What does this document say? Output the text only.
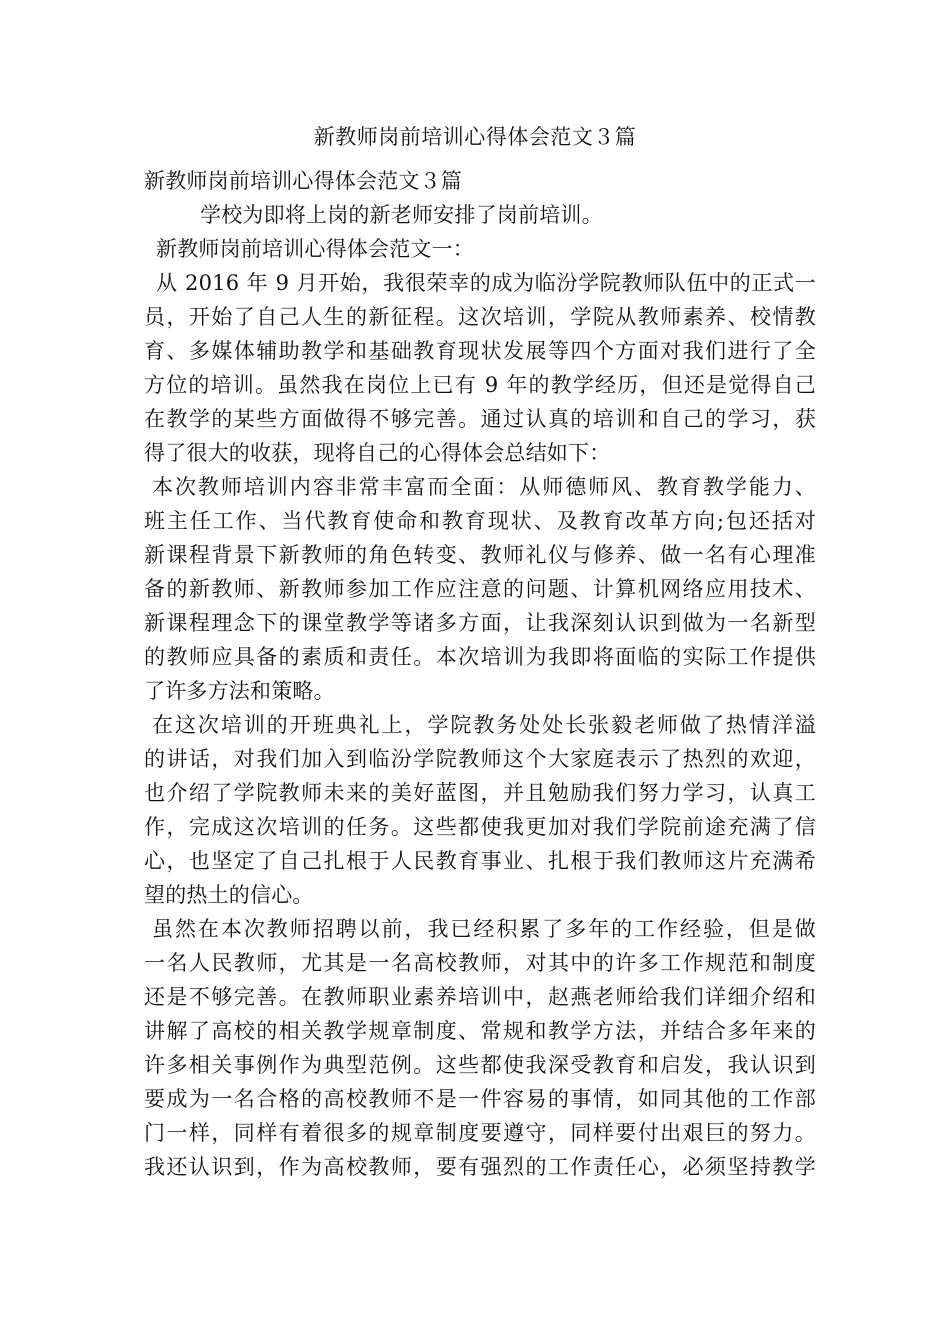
新教师岗前培训心得体会范文３篇
新教师岗前培训心得体会范文３篇
学校为即将上岗的新老师安排了岗前培训。
新教师岗前培训心得体会范文一：
从 2016 年 9 月开始，我很荣幸的成为临汾学院教师队伍中的正式一
员，开始了自己人生的新征程。这次培训，学院从教师素养、校情教
育、多媒体辅助教学和基础教育现状发展等四个方面对我们进行了全
方位的培训。虽然我在岗位上已有 9 年的教学经历，但还是觉得自己
在教学的某些方面做得不够完善。通过认真的培训和自己的学习，获
得了很大的收获，现将自己的心得体会总结如下：
本次教师培训内容非常丰富而全面：从师德师风、教育教学能力、
班主任工作、当代教育使命和教育现状、及教育改革方向;包还括对
新课程背景下新教师的角色转变、教师礼仪与修养、做一名有心理准
备的新教师、新教师参加工作应注意的问题、计算机网络应用技术、
新课程理念下的课堂教学等诸多方面，让我深刻认识到做为一名新型
的教师应具备的素质和责任。本次培训为我即将面临的实际工作提供
了许多方法和策略。
在这次培训的开班典礼上，学院教务处处长张毅老师做了热情洋溢
的讲话，对我们加入到临汾学院教师这个大家庭表示了热烈的欢迎，
也介绍了学院教师未来的美好蓝图，并且勉励我们努力学习，认真工
作，完成这次培训的任务。这些都使我更加对我们学院前途充满了信
心，也坚定了自己扎根于人民教育事业、扎根于我们教师这片充满希
望的热土的信心。
虽然在本次教师招聘以前，我已经积累了多年的工作经验，但是做
一名人民教师，尤其是一名高校教师，对其中的许多工作规范和制度
还是不够完善。在教师职业素养培训中，赵燕老师给我们详细介绍和
讲解了高校的相关教学规章制度、常规和教学方法，并结合多年来的
许多相关事例作为典型范例。这些都使我深受教育和启发，我认识到
要成为一名合格的高校教师不是一件容易的事情，如同其他的工作部
门一样，同样有着很多的规章制度要遵守，同样要付出艰巨的努力。
我还认识到，作为高校教师，要有强烈的工作责任心，必须坚持教学
